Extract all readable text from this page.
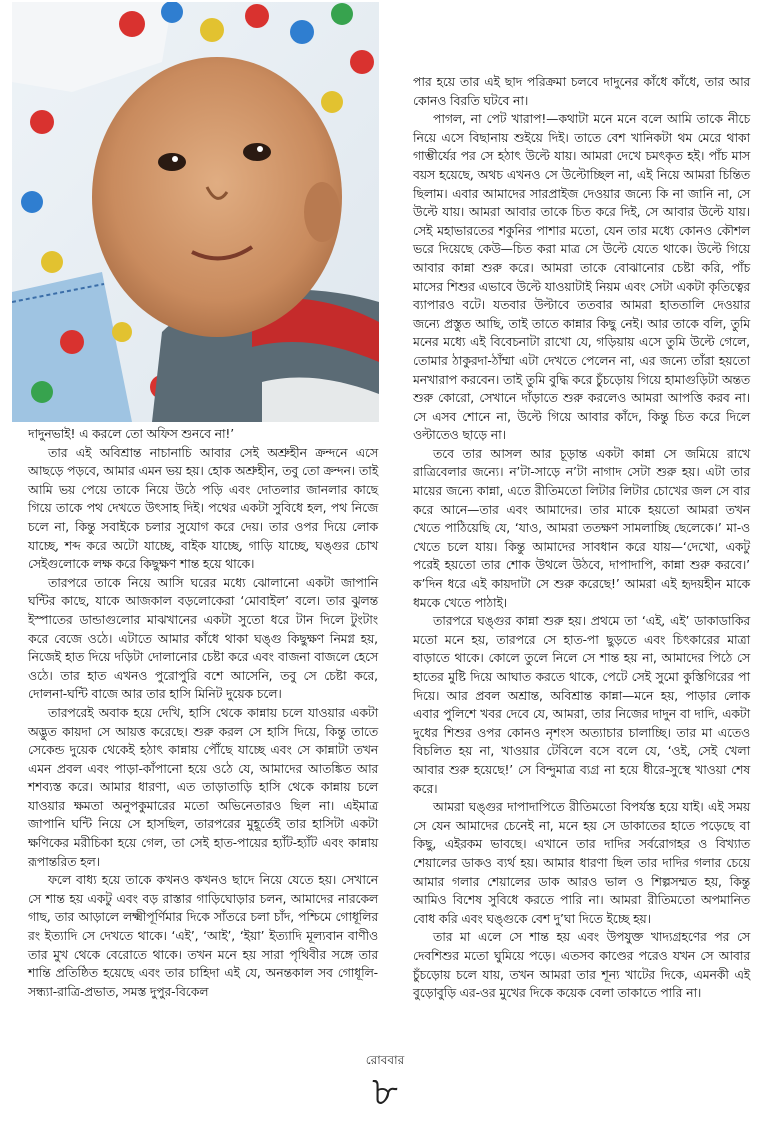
দাদুনভাই! এ করলে তো অফিস শুনবে না!’

তার এই অবিশ্রান্ত নাচানাচি আবার সেই অশ্রুহীন ক্রন্দনে এসে আছড়ে পড়বে, আমার এমন ভয় হয়। হোক অশ্রুহীন, তবু তো ক্রন্দন। তাই আমি ভয় পেয়ে তাকে নিয়ে উঠে পড়ি এবং দোতলার জানলার কাছে গিয়ে তাকে পথ দেখতে উৎসাহ দিই। পথের একটা সুবিধে হল, পথ নিজে চলে না, কিন্তু সবাইকে চলার সুযোগ করে দেয়। তার ওপর দিয়ে লোক যাচ্ছে, শব্দ করে অটো যাচ্ছে, বাইক যাচ্ছে, গাড়ি যাচ্ছে, ঘঙ্গুর চোখ সেইগুলোকে লক্ষ করে কিছুক্ষণ শান্ত হয়ে থাকে।

তারপরে তাকে নিয়ে আসি ঘরের মধ্যে ঝোলানো একটা জাপানি ঘন্টির কাছে, যাকে আজকাল বড়লোকেরা ‘মোবাইল’ বলে। তার ঝুলন্ত ইস্পাতের ডান্ডাগুলোর মাঝখানের একটা সুতো ধরে টান দিলে টুংটাং করে বেজে ওঠে। এটাতে আমার কাঁধে থাকা ঘঙ্গু কিছুক্ষণ নিমগ্ন হয়, নিজেই হাত দিয়ে দড়িটা দোলানোর চেষ্টা করে এবং বাজনা বাজলে হেসে ওঠে। তার হাত এখনও পুরোপুরি বশে আসেনি, তবু সে চেষ্টা করে, দোলনা-ঘন্টি বাজে আর তার হাসি মিনিট দুয়েক চলে।

তারপরেই অবাক হয়ে দেখি, হাসি থেকে কান্নায় চলে যাওয়ার একটা অদ্ভুত কায়দা সে আয়ত্ত করেছে। শুরু করল সে হাসি দিয়ে, কিন্তু তাতে সেকেন্ড দুয়েক থেকেই হঠাৎ কান্নায় পৌঁছে যাচ্ছে এবং সে কান্নাটা তখন এমন প্রবল এবং পাড়া-কাঁপানো হয়ে ওঠে যে, আমাদের আতঙ্কিত আর শশব্যস্ত করে। আমার ধারণা, এত তাড়াতাড়ি হাসি থেকে কান্নায় চলে যাওয়ার ক্ষমতা অনুপকুমারের মতো অভিনেতারও ছিল না। এইমাত্র জাপানি ঘন্টি নিয়ে সে হাসছিল, তারপরের মুহূর্তেই তার হাসিটা একটা ক্ষণিকের মরীচিকা হয়ে গেল, তা সেই হাত-পায়ের হ্যাঁট-হ্যাঁট এবং কান্নায় রূপান্তরিত হল।

ফলে বাধ্য হয়ে তাকে কখনও কখনও ছাদে নিয়ে যেতে হয়। সেখানে সে শান্ত হয় একটু এবং বড় রাস্তার গাড়িঘোড়ার চলন, আমাদের নারকেল গাছ, তার আড়ালে লক্ষ্মীপূর্ণিমার দিকে সাঁতরে চলা চাঁদ, পশ্চিমে গোধূলির রং ইত্যাদি সে দেখতে থাকে। ‘এই’, ‘আই’, ‘ইয়া’ ইত্যাদি মূল্যবান বাণীও তার মুখ থেকে বেরোতে থাকে। তখন মনে হয় সারা পৃথিবীর সঙ্গে তার শান্তি প্রতিষ্ঠিত হয়েছে এবং তার চাহিদা এই যে, অনন্তকাল সব গোধূলি-সন্ধ্যা-রাত্রি-প্রভাত, সমস্ত দুপুর-বিকেল

পার হয়ে তার এই ছাদ পরিক্রমা চলবে দাদুনের কাঁধে কাঁধে, তার আর কোনও বিরতি ঘটবে না।

পাগল, না পেট খারাপ!—কথাটা মনে মনে বলে আমি তাকে নীচে নিয়ে এসে বিছানায় শুইয়ে দিই। তাতে বেশ খানিকটা থম মেরে থাকা গাম্ভীর্যের পর সে হঠাৎ উল্টে যায়। আমরা দেখে চমৎকৃত হই। পাঁচ মাস বয়স হয়েছে, অথচ এখনও সে উল্টোচ্ছিল না, এই নিয়ে আমরা চিন্তিত ছিলাম। এবার আমাদের সারপ্রাইজ দেওয়ার জন্যে কি না জানি না, সে উল্টে যায়। আমরা আবার তাকে চিত করে দিই, সে আবার উল্টে যায়। সেই মহাভারতের শকুনির পাশার মতো, যেন তার মধ্যে কোনও কৌশল ভরে দিয়েছে কেউ—চিত করা মাত্র সে উল্টে যেতে থাকে। উল্টে গিয়ে আবার কান্না শুরু করে। আমরা তাকে বোঝানোর চেষ্টা করি, পাঁচ মাসের শিশুর এভাবে উল্টে যাওয়াটাই নিয়ম এবং সেটা একটা কৃতিত্বের ব্যাপারও বটে। যতবার উল্টাবে ততবার আমরা হাততালি দেওয়ার জন্যে প্রস্তুত আছি, তাই তাতে কান্নার কিছু নেই। আর তাকে বলি, তুমি মনের মধ্যে এই বিবেচনাটা রাখো যে, গড়িয়ায় এসে তুমি উল্টে গেলে, তোমার ঠাকুরদা-ঠাঁম্মা এটা দেখতে পেলেন না, এর জন্যে তাঁরা হয়তো মনখারাপ করবেন। তাই তুমি বুদ্ধি করে চুঁচড়োয় গিয়ে হামাগুড়িটা অন্তত শুরু কোরো, সেখানে দাঁড়াতে শুরু করলেও আমরা আপত্তি করব না। সে এসব শোনে না, উল্টে গিয়ে আবার কাঁদে, কিন্তু চিত করে দিলে ওল্টাতেও ছাড়ে না।

তবে তার আসল আর চূড়ান্ত একটা কান্না সে জমিয়ে রাখে রাত্রিবেলার জন্যে। ন’টা-সাড়ে ন’টা নাগাদ সেটা শুরু হয়। এটা তার মায়ের জন্যে কান্না, এতে রীতিমতো লিটার লিটার চোখের জল সে বার করে আনে—তার এবং আমাদের। তার মাকে হয়তো আমরা তখন খেতে পাঠিয়েছি যে, ‘যাও, আমরা ততক্ষণ সামলাচ্ছি ছেলেকে।’ মা-ও খেতে চলে যায়। কিন্তু আমাদের সাবধান করে যায়—‘দেখো, একটু পরেই হয়তো তার শোক উথলে উঠবে, দাপাদাপি, কান্না শুরু করবে।’ ক’দিন ধরে এই কায়দাটা সে শুরু করেছে!’ আমরা এই হৃদয়হীন মাকে ধমকে খেতে পাঠাই।

তারপরে ঘঙ্গুর কান্না শুরু হয়। প্রথমে তা ‘এই, এই’ ডাকাডাকির মতো মনে হয়, তারপরে সে হাত-পা ছুড়তে এবং চিৎকারের মাত্রা বাড়াতে থাকে। কোলে তুলে নিলে সে শান্ত হয় না, আমাদের পিঠে সে হাতের মুষ্টি দিয়ে আঘাত করতে থাকে, পেটে সেই সুমো কুস্তিগিরের পা দিয়ে। আর প্রবল অশ্রান্ত, অবিশ্রান্ত কান্না—মনে হয়, পাড়ার লোক এবার পুলিশে খবর দেবে যে, আমরা, তার নিজের দাদুন বা দাদি, একটা দুধের শিশুর ওপর কোনও নৃশংস অত্যাচার চালাচ্ছি। তার মা এতেও বিচলিত হয় না, খাওয়ার টেবিলে বসে বলে যে, ‘ওই, সেই খেলা আবার শুরু হয়েছে!’ সে বিন্দুমাত্র ব্যগ্র না হয়ে ধীরে-সুস্থে খাওয়া শেষ করে।

আমরা ঘঙ্গুর দাপাদাপিতে রীতিমতো বিপর্যস্ত হয়ে যাই। এই সময় সে যেন আমাদের চেনেই না, মনে হয় সে ডাকাতের হাতে পড়েছে বা কিছু, এইরকম ভাবছে। এখানে তার দাদির সর্বরোগহর ও বিখ্যাত শেয়ালের ডাকও ব্যর্থ হয়। আমার ধারণা ছিল তার দাদির গলার চেয়ে আমার গলার শেয়ালের ডাক আরও ভাল ও শিল্পসম্মত হয়, কিন্তু আমিও বিশেষ সুবিধে করতে পারি না। আমরা রীতিমতো অপমানিত বোধ করি এবং ঘঙ্গুকে বেশ দু’ঘা দিতে ইচ্ছে হয়।

তার মা এলে সে শান্ত হয় এবং উপযুক্ত খাদ্যগ্রহণের পর সে দেবশিশুর মতো ঘুমিয়ে পড়ে। এতসব কাণ্ডের পরেও যখন সে আবার চুঁচড়োয় চলে যায়, তখন আমরা তার শূন্য খাটের দিকে, এমনকী এই বুড়োবুড়ি এর-ওর মুখের দিকে কয়েক বেলা তাকাতে পারি না।

রোববার
৮
